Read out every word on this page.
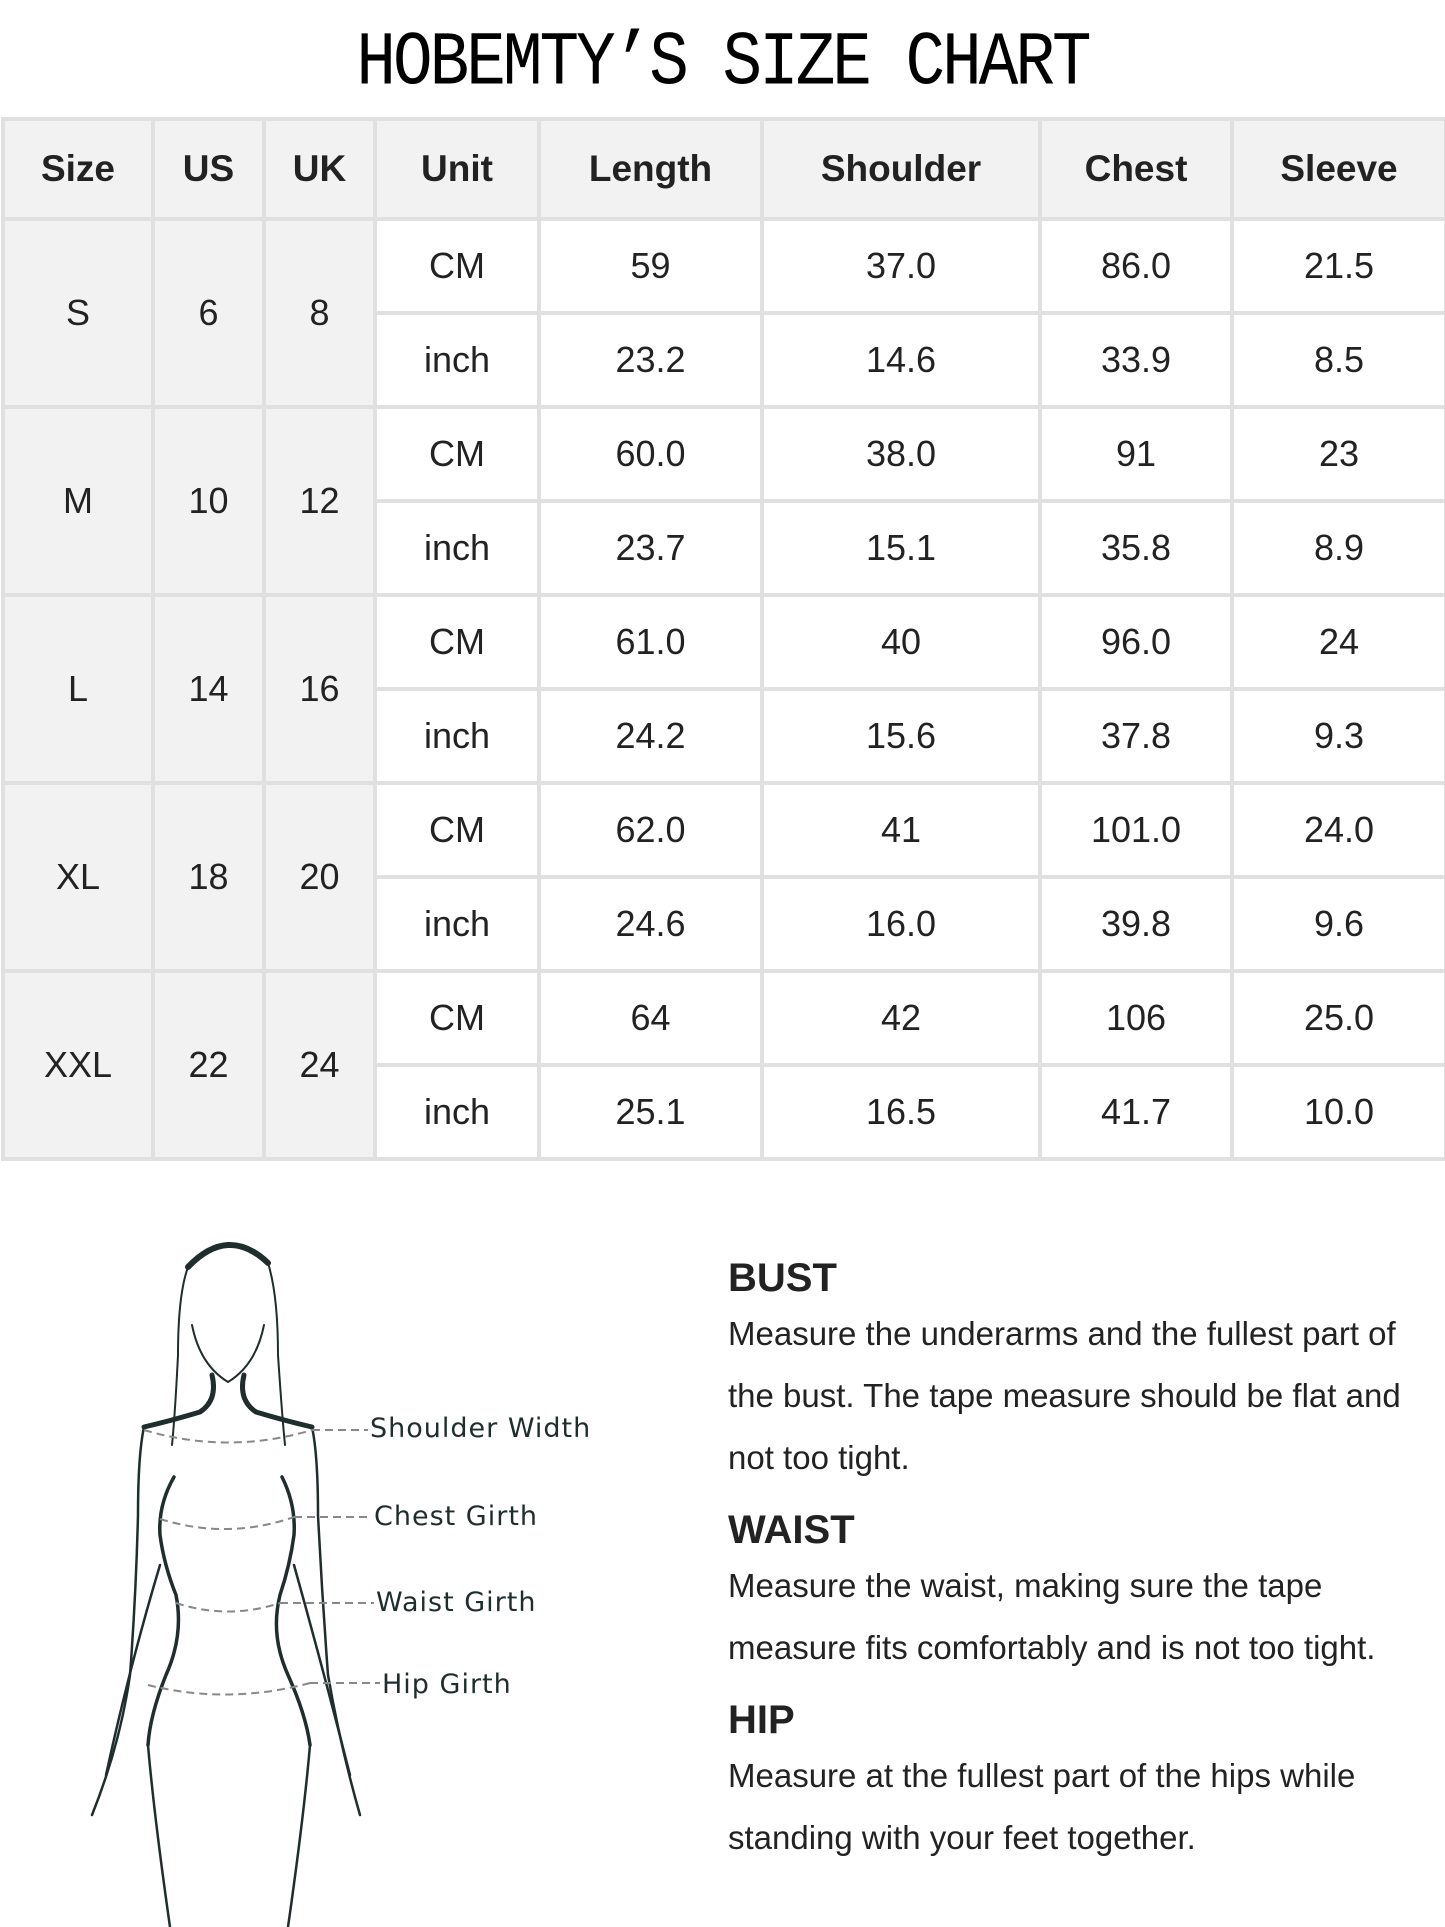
HOBEMTY’S SIZE CHART
Size	US	UK	Unit	Length	Shoulder	Chest	Sleeve
S	6	8	CM	59	37.0	86.0	21.5
			inch	23.2	14.6	33.9	8.5
M	10	12	CM	60.0	38.0	91	23
			inch	23.7	15.1	35.8	8.9
L	14	16	CM	61.0	40	96.0	24
			inch	24.2	15.6	37.8	9.3
XL	18	20	CM	62.0	41	101.0	24.0
			inch	24.6	16.0	39.8	9.6
XXL	22	24	CM	64	42	106	25.0
			inch	25.1	16.5	41.7	10.0
Shoulder Width
Chest Girth
Waist Girth
Hip Girth
BUST

Measure the underarms and the fullest part of

the bust. The tape measure should be flat and

not too tight.

WAIST

Measure the waist, making sure the tape

measure fits comfortably and is not too tight.

HIP

Measure at the fullest part of the hips while

standing with your feet together.
